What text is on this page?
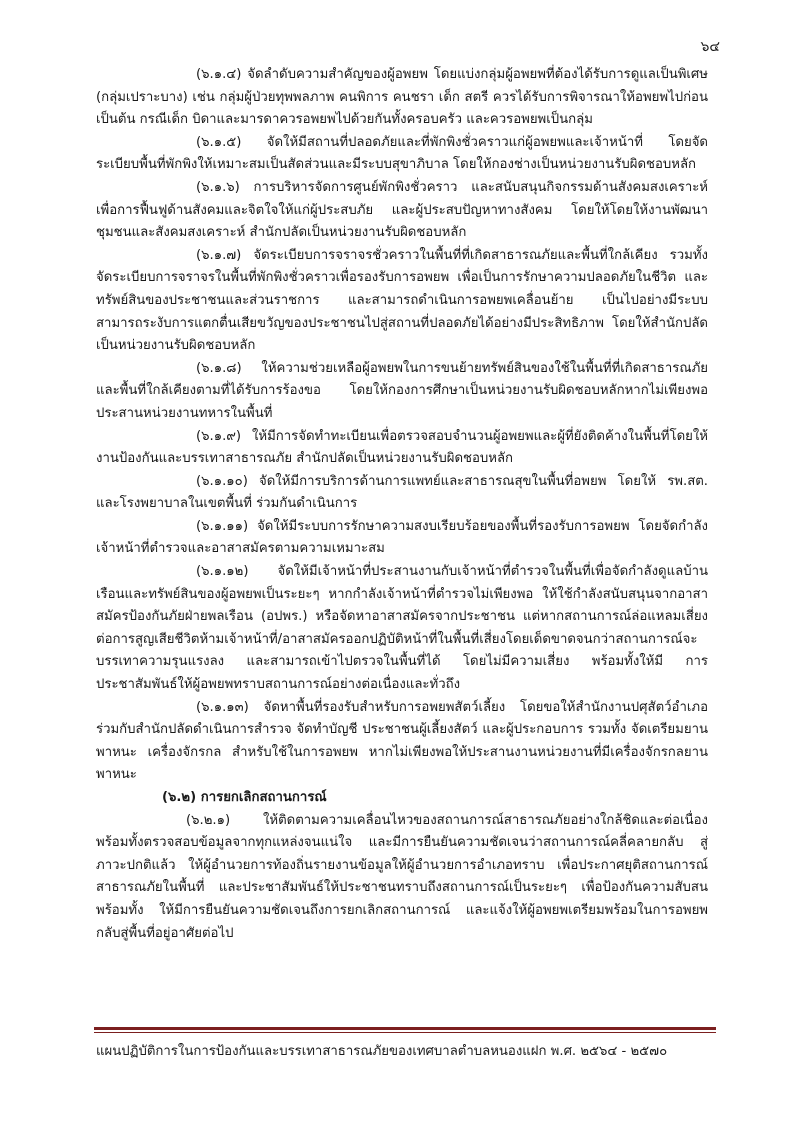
๖๔

(๖.๑.๔) จัดลำดับความสำคัญของผู้อพยพ โดยแบ่งกลุ่มผู้อพยพที่ต้องได้รับการดูแลเป็นพิเศษ (กลุ่มเปราะบาง) เช่น กลุ่มผู้ป่วยทุพพลภาพ คนพิการ คนชรา เด็ก สตรี ควรได้รับการพิจารณาให้อพยพไปก่อน เป็นต้น กรณีเด็ก บิดาและมารดาควรอพยพไปด้วยกันทั้งครอบครัว และควรอพยพเป็นกลุ่ม

(๖.๑.๕) จัดให้มีสถานที่ปลอดภัยและที่พักพิงชั่วคราวแก่ผู้อพยพและเจ้าหน้าที่ โดยจัดระเบียบพื้นที่พักพิงให้เหมาะสมเป็นสัดส่วนและมีระบบสุขาภิบาล โดยให้กองช่างเป็นหน่วยงานรับผิดชอบหลัก

(๖.๑.๖) การบริหารจัดการศูนย์พักพิงชั่วคราว และสนับสนุนกิจกรรมด้านสังคมสงเคราะห์เพื่อการฟื้นฟูด้านสังคมและจิตใจให้แก่ผู้ประสบภัย และผู้ประสบปัญหาทางสังคม โดยให้โดยให้งานพัฒนาชุมชนและสังคมสงเคราะห์ สำนักปลัดเป็นหน่วยงานรับผิดชอบหลัก

(๖.๑.๗) จัดระเบียบการจราจรชั่วคราวในพื้นที่ที่เกิดสาธารณภัยและพื้นที่ใกล้เคียง รวมทั้งจัดระเบียบการจราจรในพื้นที่พักพิงชั่วคราวเพื่อรองรับการอพยพ เพื่อเป็นการรักษาความปลอดภัยในชีวิต และทรัพย์สินของประชาชนและส่วนราชการ และสามารถดำเนินการอพยพเคลื่อนย้าย เป็นไปอย่างมีระบบ สามารถระงับการแตกตื่นเสียขวัญของประชาชนไปสู่สถานที่ปลอดภัยได้อย่างมีประสิทธิภาพ โดยให้สำนักปลัดเป็นหน่วยงานรับผิดชอบหลัก

(๖.๑.๘) ให้ความช่วยเหลือผู้อพยพในการขนย้ายทรัพย์สินของใช้ในพื้นที่ที่เกิดสาธารณภัยและพื้นที่ใกล้เคียงตามที่ได้รับการร้องขอ โดยให้กองการศึกษาเป็นหน่วยงานรับผิดชอบหลักหากไม่เพียงพอประสานหน่วยงานทหารในพื้นที่

(๖.๑.๙) ให้มีการจัดทำทะเบียนเพื่อตรวจสอบจำนวนผู้อพยพและผู้ที่ยังติดค้างในพื้นที่โดยให้งานป้องกันและบรรเทาสาธารณภัย สำนักปลัดเป็นหน่วยงานรับผิดชอบหลัก

(๖.๑.๑๐) จัดให้มีการบริการด้านการแพทย์และสาธารณสุขในพื้นที่อพยพ โดยให้ รพ.สต. และโรงพยาบาลในเขตพื้นที่ ร่วมกันดำเนินการ

(๖.๑.๑๑) จัดให้มีระบบการรักษาความสงบเรียบร้อยของพื้นที่รองรับการอพยพ โดยจัดกำลังเจ้าหน้าที่ตำรวจและอาสาสมัครตามความเหมาะสม

(๖.๑.๑๒) จัดให้มีเจ้าหน้าที่ประสานงานกับเจ้าหน้าที่ตำรวจในพื้นที่เพื่อจัดกำลังดูแลบ้านเรือนและทรัพย์สินของผู้อพยพเป็นระยะๆ หากกำลังเจ้าหน้าที่ตำรวจไม่เพียงพอ ให้ใช้กำลังสนับสนุนจากอาสาสมัครป้องกันภัยฝ่ายพลเรือน (อปพร.) หรือจัดหาอาสาสมัครจากประชาชน แต่หากสถานการณ์ล่อแหลมเสี่ยงต่อการสูญเสียชีวิตห้ามเจ้าหน้าที่/อาสาสมัครออกปฏิบัติหน้าที่ในพื้นที่เสี่ยงโดยเด็ดขาดจนกว่าสถานการณ์จะบรรเทาความรุนแรงลง และสามารถเข้าไปตรวจในพื้นที่ได้ โดยไม่มีความเสี่ยง พร้อมทั้งให้มี การประชาสัมพันธ์ให้ผู้อพยพทราบสถานการณ์อย่างต่อเนื่องและทั่วถึง

(๖.๑.๑๓) จัดหาพื้นที่รองรับสำหรับการอพยพสัตว์เลี้ยง โดยขอให้สำนักงานปศุสัตว์อำเภอร่วมกับสำนักปลัดดำเนินการสำรวจ จัดทำบัญชี ประชาชนผู้เลี้ยงสัตว์ และผู้ประกอบการ รวมทั้ง จัดเตรียมยานพาหนะ เครื่องจักรกล สำหรับใช้ในการอพยพ หากไม่เพียงพอให้ประสานงานหน่วยงานที่มีเครื่องจักรกลยานพาหนะ

(๖.๒) การยกเลิกสถานการณ์

(๖.๒.๑) ให้ติดตามความเคลื่อนไหวของสถานการณ์สาธารณภัยอย่างใกล้ชิดและต่อเนื่องพร้อมทั้งตรวจสอบข้อมูลจากทุกแหล่งจนแน่ใจ และมีการยืนยันความชัดเจนว่าสถานการณ์คลี่คลายกลับ สู่ภาวะปกติแล้ว ให้ผู้อำนวยการท้องถิ่นรายงานข้อมูลให้ผู้อำนวยการอำเภอทราบ เพื่อประกาศยุติสถานการณ์สาธารณภัยในพื้นที่ และประชาสัมพันธ์ให้ประชาชนทราบถึงสถานการณ์เป็นระยะๆ เพื่อป้องกันความสับสน พร้อมทั้ง ให้มีการยืนยันความชัดเจนถึงการยกเลิกสถานการณ์ และแจ้งให้ผู้อพยพเตรียมพร้อมในการอพยพกลับสู่พื้นที่อยู่อาศัยต่อไป

แผนปฏิบัติการในการป้องกันและบรรเทาสาธารณภัยของเทศบาลตำบลหนองแฝก พ.ศ. ๒๕๖๔ - ๒๕๗๐
